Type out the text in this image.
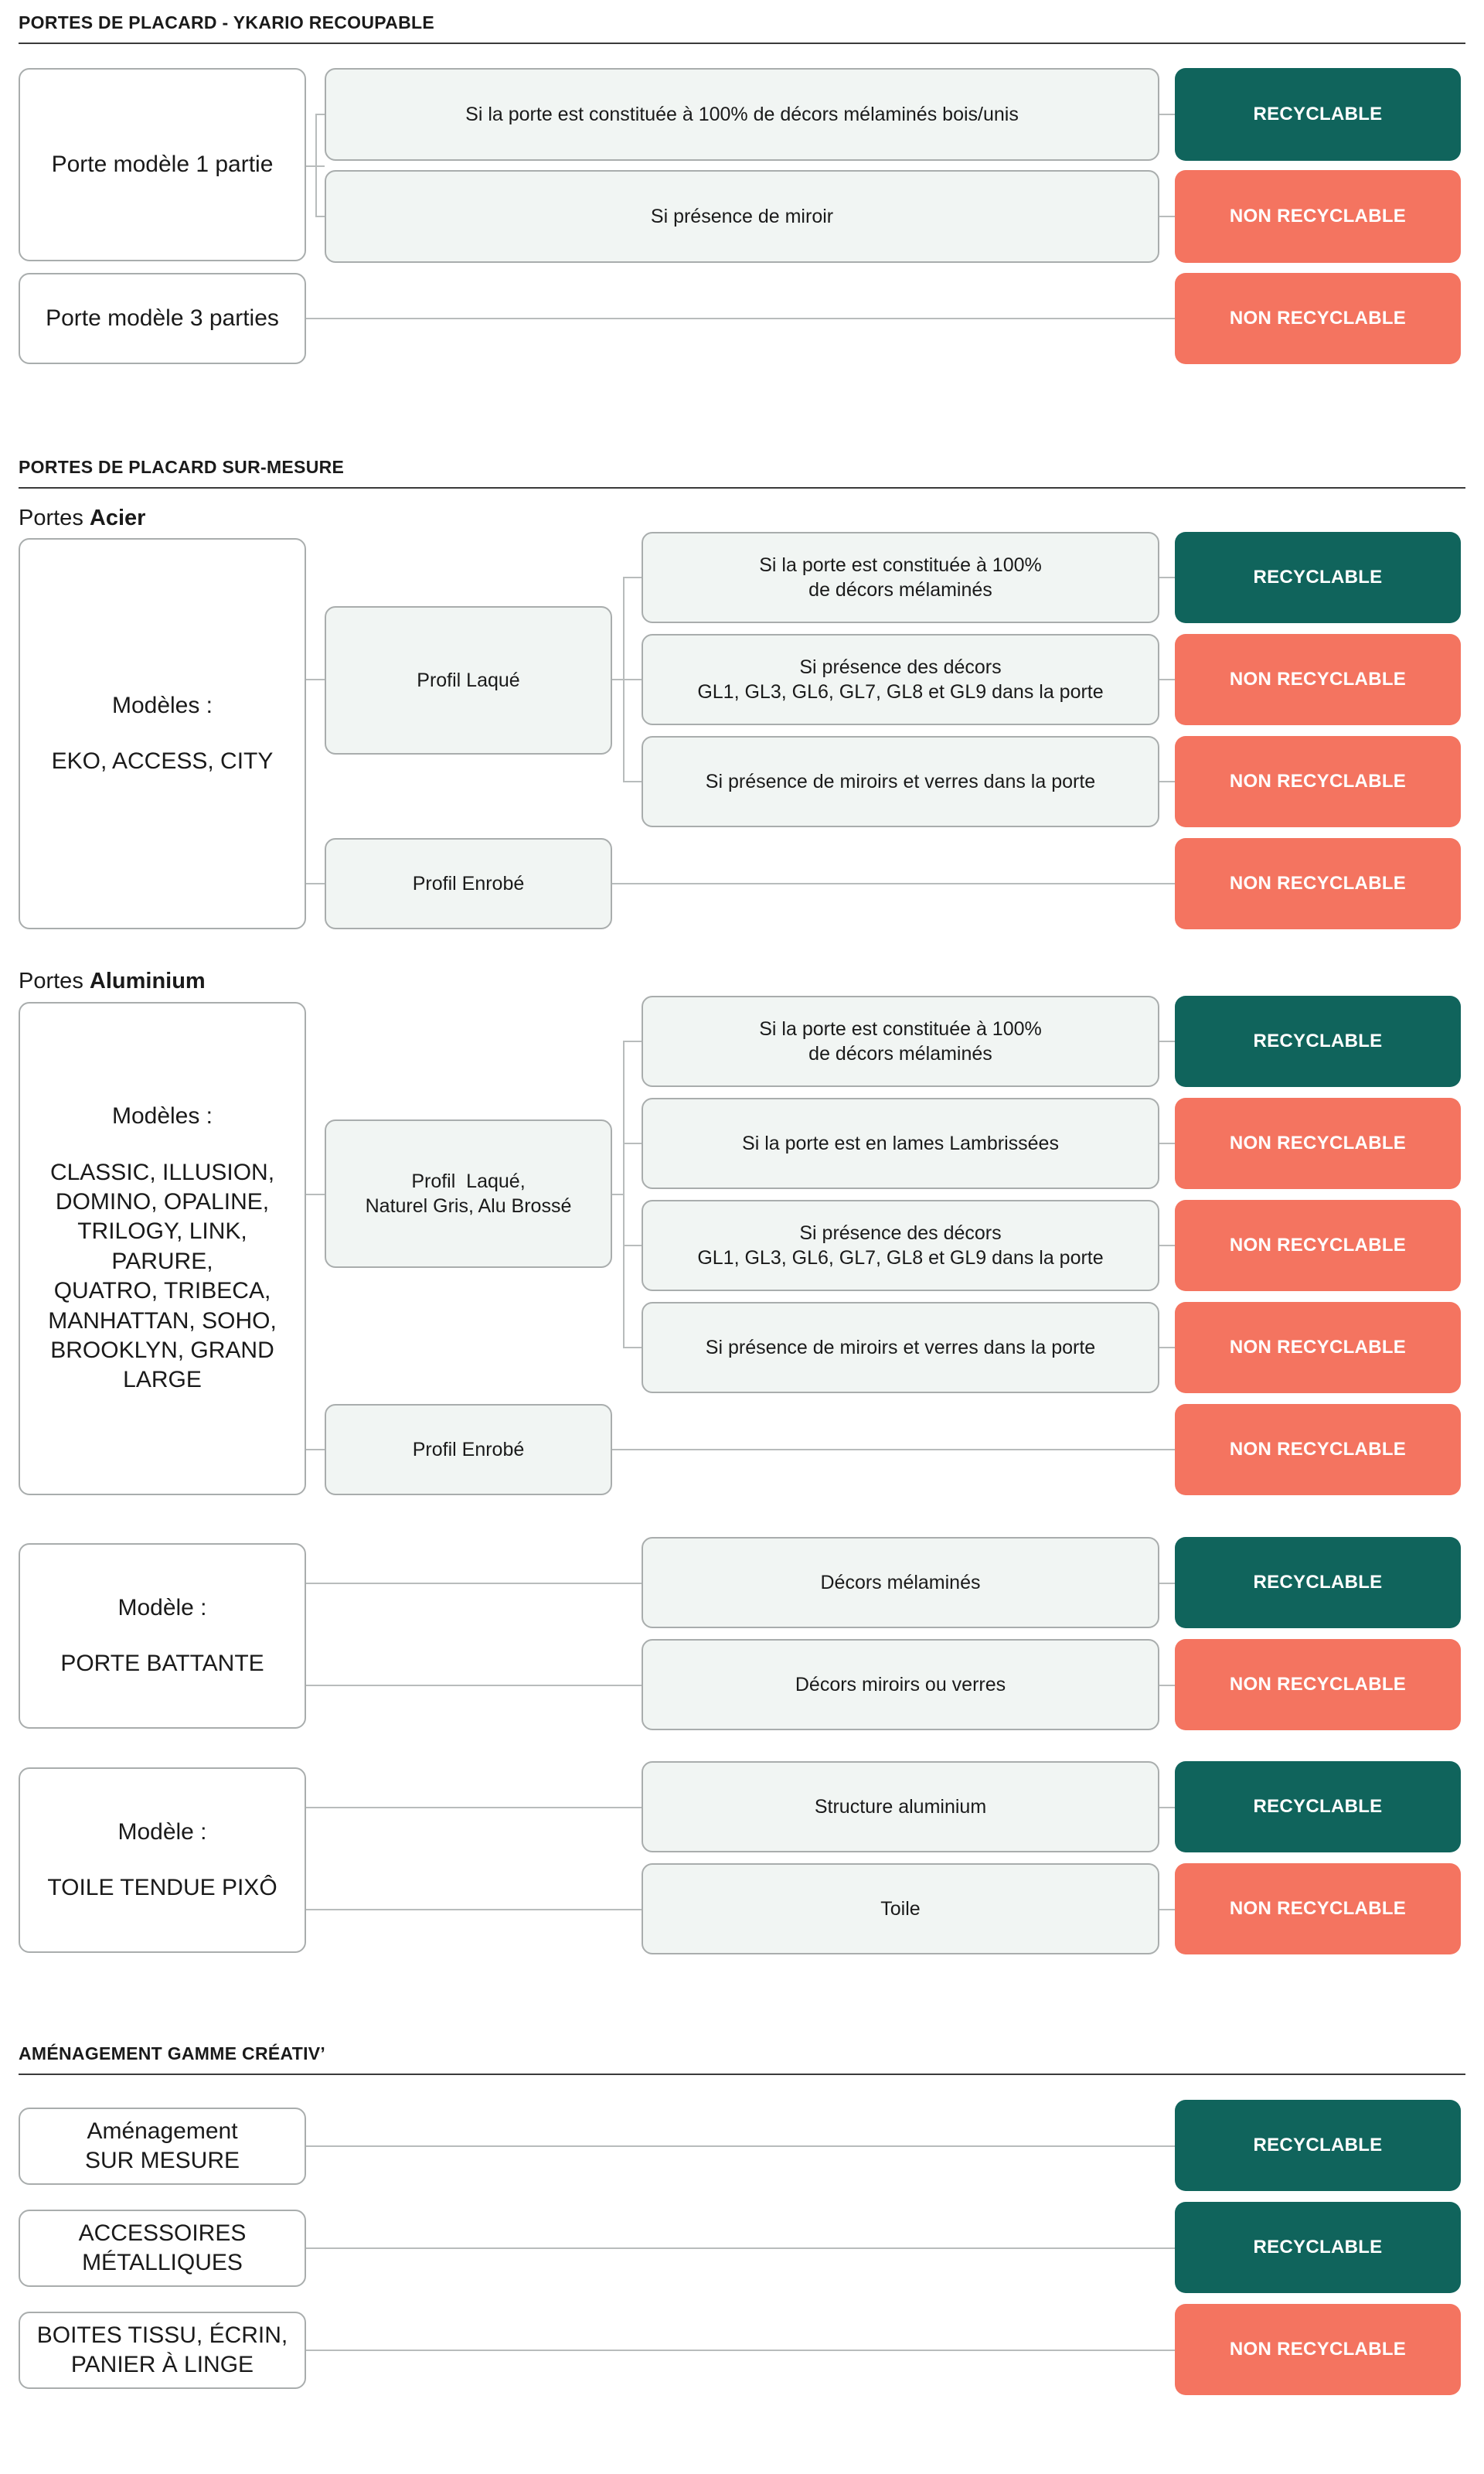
PORTES DE PLACARD - YKARIO RECOUPABLE
Porte modèle 1 partie
Si la porte est constituée à 100% de décors mélaminés bois/unis
Si présence de miroir
RECYCLABLE
NON RECYCLABLE
Porte modèle 3 parties	NON RECYCLABLE
PORTES DE PLACARD SUR-MESURE
Portes Acier
Modèles :
EKO, ACCESS, CITY
Profil Laqué
Profil Enrobé
Si la porte est constituée à 100%
de décors mélaminés
Si présence des décors
GL1, GL3, GL6, GL7, GL8 et GL9 dans la porte
Si présence de miroirs et verres dans la porte
RECYCLABLE
NON RECYCLABLE
NON RECYCLABLE
NON RECYCLABLE
Portes Aluminium
Modèles :
CLASSIC, ILLUSION,
DOMINO, OPALINE,
TRILOGY, LINK, PARURE,
QUATRO, TRIBECA,
MANHATTAN, SOHO,
BROOKLYN, GRAND LARGE
Profil  Laqué,
Naturel Gris, Alu Brossé
Profil Enrobé
Si la porte est constituée à 100%
de décors mélaminés
Si la porte est en lames Lambrissées
Si présence des décors
GL1, GL3, GL6, GL7, GL8 et GL9 dans la porte
Si présence de miroirs et verres dans la porte
RECYCLABLE
NON RECYCLABLE
NON RECYCLABLE
NON RECYCLABLE
NON RECYCLABLE
Modèle :
PORTE BATTANTE
Décors mélaminés
Décors miroirs ou verres
RECYCLABLE
NON RECYCLABLE
Modèle :
TOILE TENDUE PIXÔ
Structure aluminium
Toile
RECYCLABLE
NON RECYCLABLE
AMÉNAGEMENT GAMME CRÉATIV’
Aménagement
SUR MESURE
ACCESSOIRES
MÉTALLIQUES
BOITES TISSU, ÉCRIN,
PANIER À LINGE
RECYCLABLE
RECYCLABLE
NON RECYCLABLE
